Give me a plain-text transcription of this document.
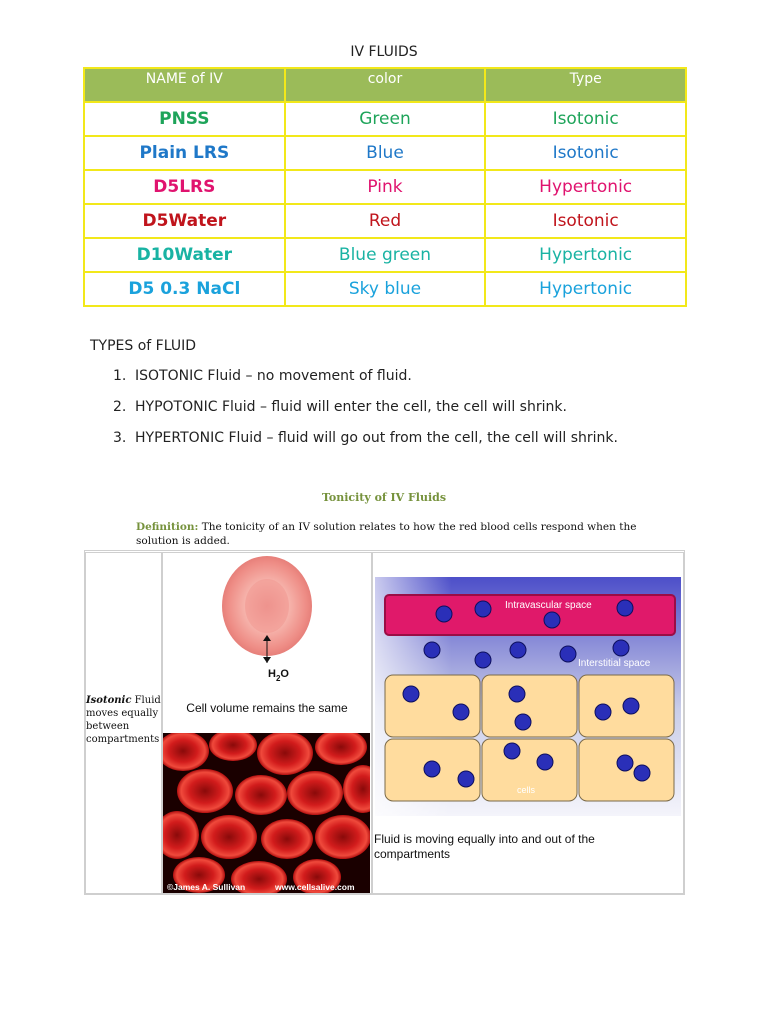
IV FLUIDS
NAME of IV	color	Type
PNSS	Green	Isotonic
Plain LRS	Blue	Isotonic
D5LRS	Pink	Hypertonic
D5Water	Red	Isotonic
D10Water	Blue green	Hypertonic
D5 0.3 NaCl	Sky blue	Hypertonic
TYPES of FLUID
1. ISOTONIC Fluid – no movement of fluid.
2. HYPOTONIC Fluid – fluid will enter the cell, the cell will shrink.
3. HYPERTONIC Fluid – fluid will go out from the cell, the cell will shrink.
Tonicity of IV Fluids
Definition: The tonicity of an IV solution relates to how the red blood cells respond when the solution is added.
Isotonic Fluid moves equally between compartments
$H_2O$
Cell volume remains the same
©James A. Sullivan	www.cellsalive.com
Intravascular space
Interstitial space
cells
Fluid is moving equally into and out of the compartments
